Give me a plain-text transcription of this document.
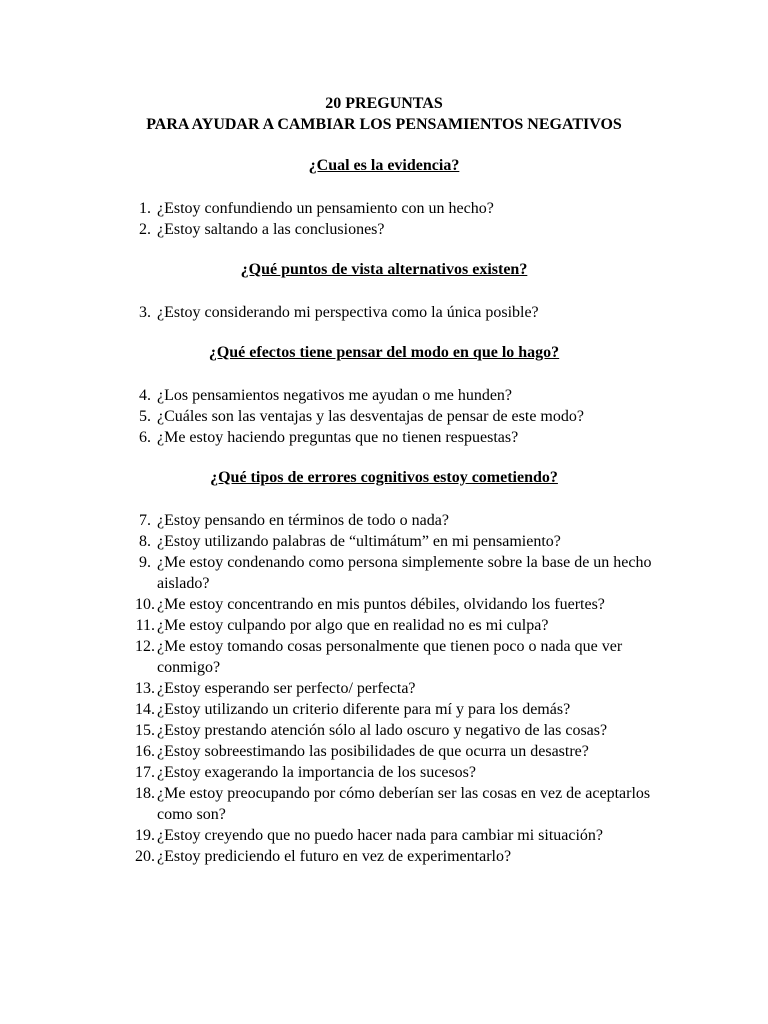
20 PREGUNTAS

PARA AYUDAR A CAMBIAR LOS PENSAMIENTOS NEGATIVOS

¿Cual es la evidencia?

1. ¿Estoy confundiendo un pensamiento con un hecho?
2. ¿Estoy saltando a las conclusiones?

¿Qué puntos de vista alternativos existen?

3. ¿Estoy considerando mi perspectiva como la única posible?

¿Qué efectos tiene pensar del modo en que lo hago?

4. ¿Los pensamientos negativos me ayudan o me hunden?
5. ¿Cuáles son las ventajas y las desventajas de pensar de este modo?
6. ¿Me estoy haciendo preguntas que no tienen respuestas?

¿Qué tipos de errores cognitivos estoy cometiendo?

7. ¿Estoy pensando en términos de todo o nada?
8. ¿Estoy utilizando palabras de “ultimátum” en mi pensamiento?
9. ¿Me estoy condenando como persona simplemente sobre la base de un hecho aislado?
10. ¿Me estoy concentrando en mis puntos débiles, olvidando los fuertes?
11. ¿Me estoy culpando por algo que en realidad no es mi culpa?
12. ¿Me estoy tomando cosas personalmente que tienen poco o nada que ver conmigo?
13. ¿Estoy esperando ser perfecto/ perfecta?
14. ¿Estoy utilizando un criterio diferente para mí y para los demás?
15. ¿Estoy prestando atención sólo al lado oscuro y negativo de las cosas?
16. ¿Estoy sobreestimando las posibilidades de que ocurra un desastre?
17. ¿Estoy exagerando la importancia de los sucesos?
18. ¿Me estoy preocupando por cómo deberían ser las cosas en vez de aceptarlos como son?
19. ¿Estoy creyendo que no puedo hacer nada para cambiar mi situación?
20. ¿Estoy prediciendo el futuro en vez de experimentarlo?
